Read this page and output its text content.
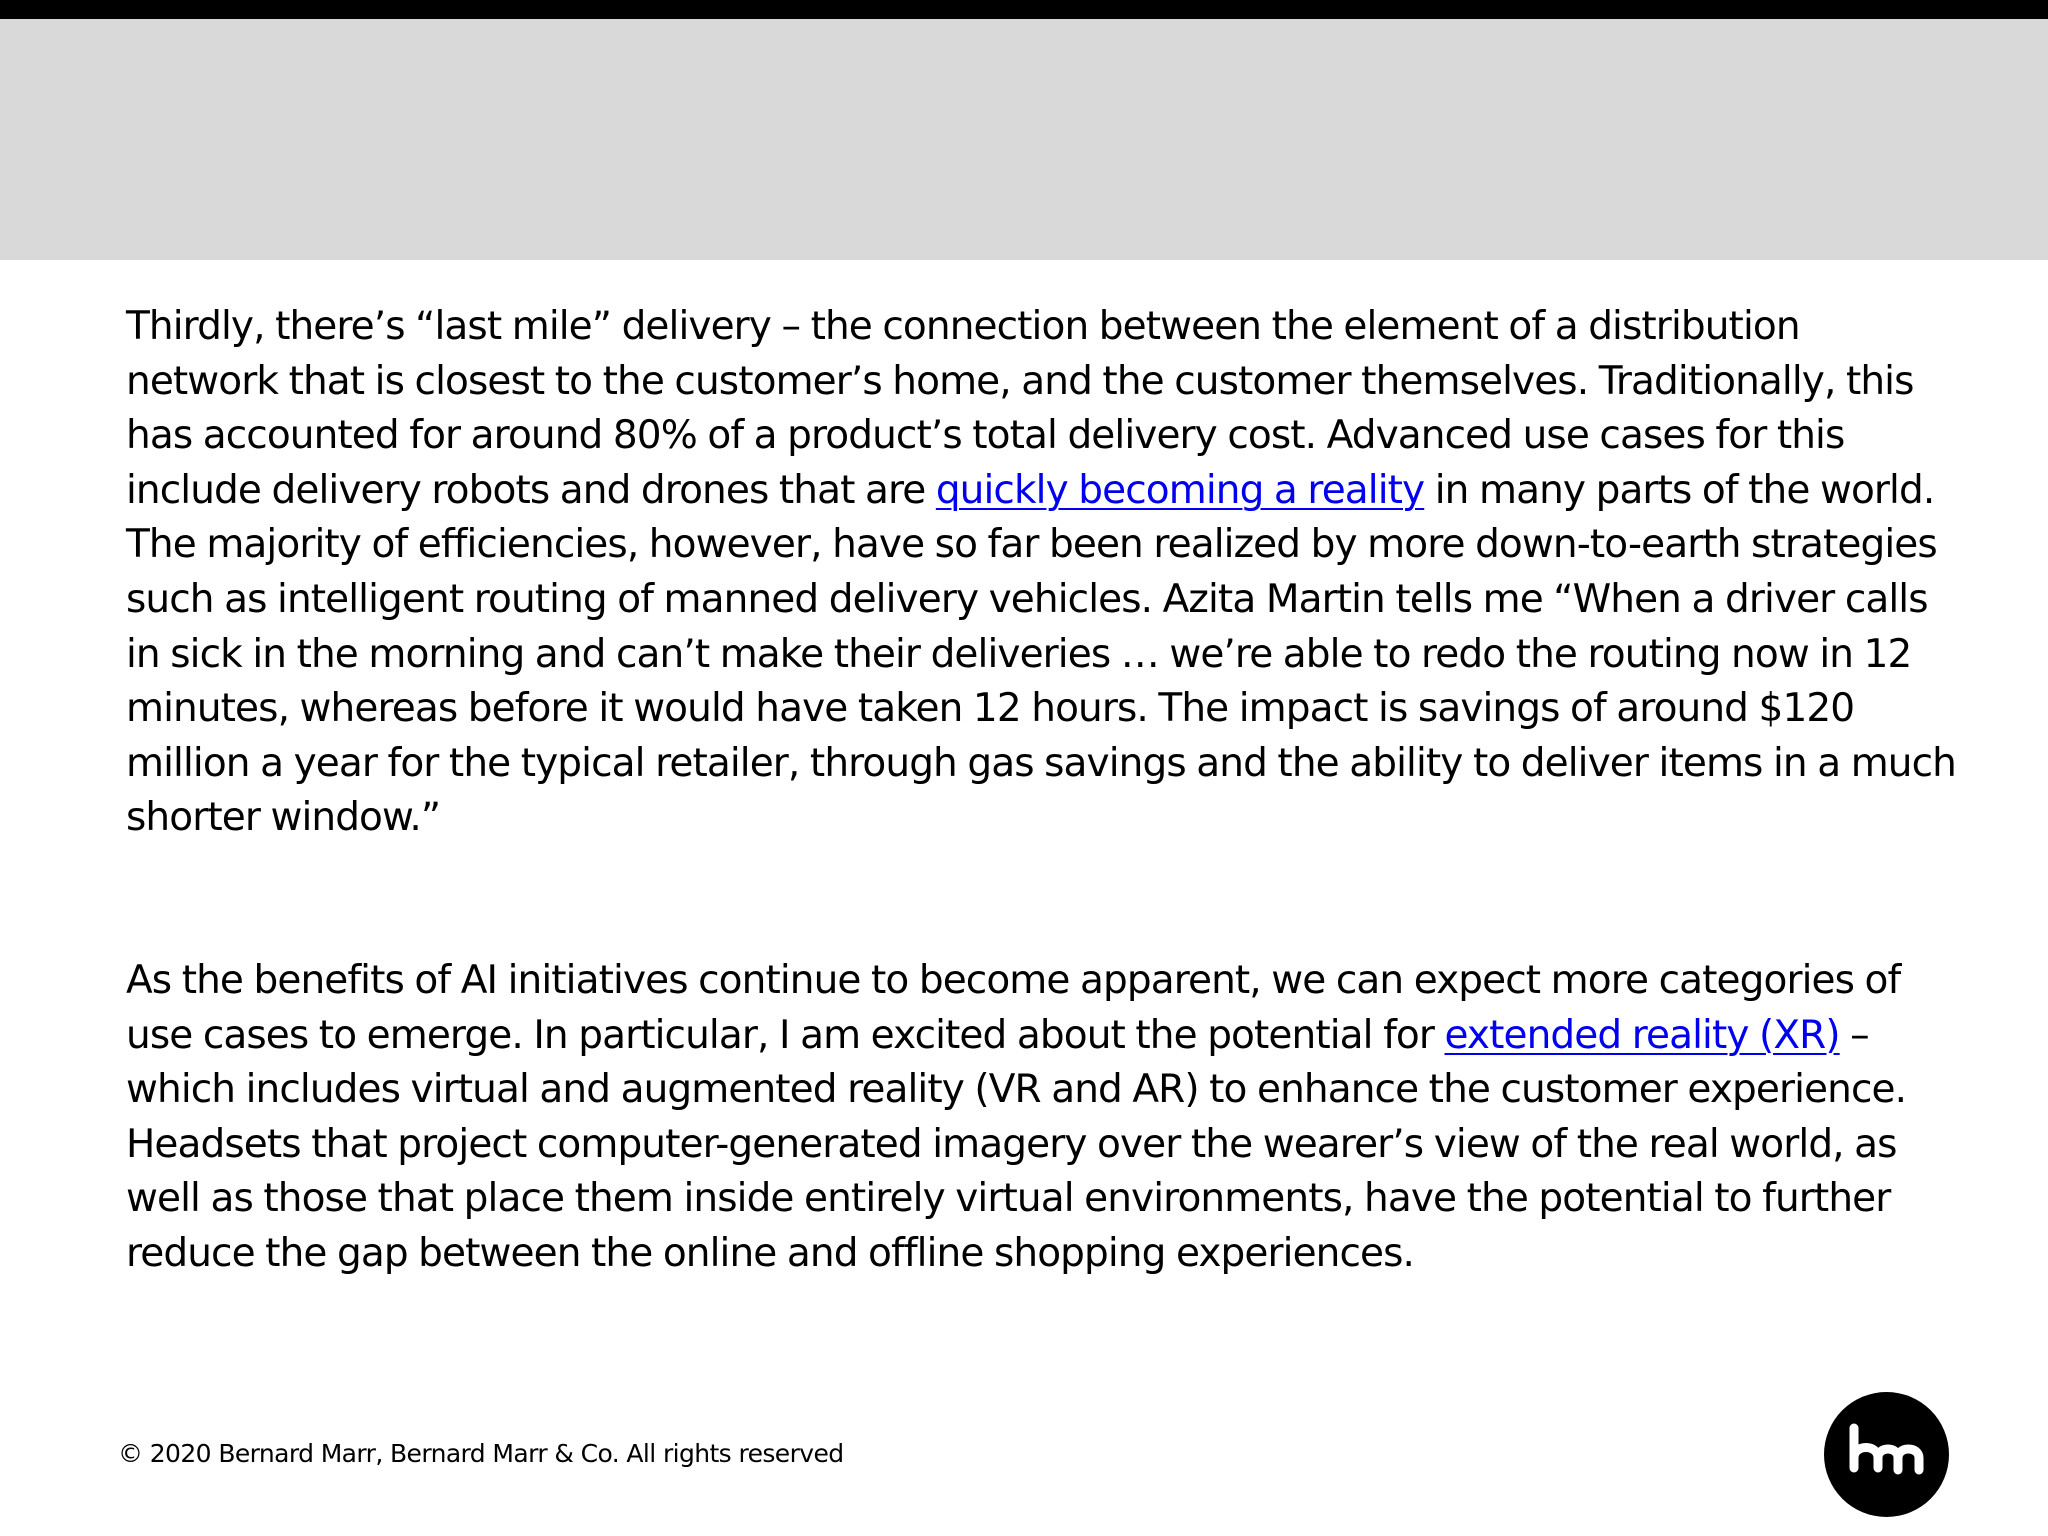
Thirdly, there’s “last mile” delivery – the connection between the element of a distribution network that is closest to the customer’s home, and the customer themselves. Traditionally, this has accounted for around 80% of a product’s total delivery cost. Advanced use cases for this include delivery robots and drones that are quickly becoming a reality in many parts of the world. The majority of efficiencies, however, have so far been realized by more down-to-earth strategies such as intelligent routing of manned delivery vehicles. Azita Martin tells me “When a driver calls in sick in the morning and can’t make their deliveries … we’re able to redo the routing now in 12 minutes, whereas before it would have taken 12 hours. The impact is savings of around $120 million a year for the typical retailer, through gas savings and the ability to deliver items in a much shorter window.”

As the benefits of AI initiatives continue to become apparent, we can expect more categories of use cases to emerge. In particular, I am excited about the potential for extended reality (XR) – which includes virtual and augmented reality (VR and AR) to enhance the customer experience. Headsets that project computer-generated imagery over the wearer’s view of the real world, as well as those that place them inside entirely virtual environments, have the potential to further reduce the gap between the online and offline shopping experiences.

© 2020 Bernard Marr, Bernard Marr & Co. All rights reserved
